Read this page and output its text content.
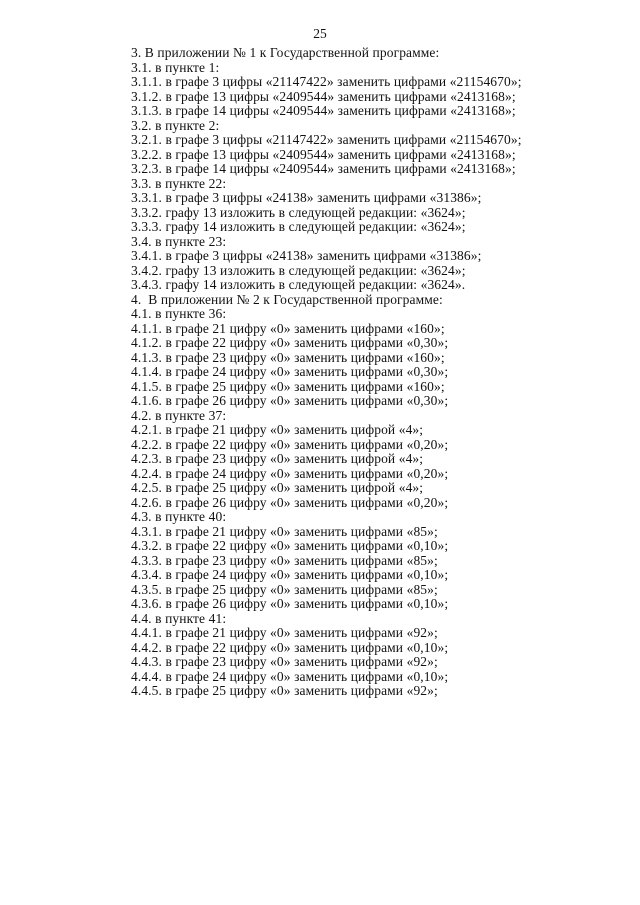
25
3. В приложении № 1 к Государственной программе:
3.1. в пункте 1:
3.1.1. в графе 3 цифры «21147422» заменить цифрами «21154670»;
3.1.2. в графе 13 цифры «2409544» заменить цифрами «2413168»;
3.1.3. в графе 14 цифры «2409544» заменить цифрами «2413168»;
3.2. в пункте 2:
3.2.1. в графе 3 цифры «21147422» заменить цифрами «21154670»;
3.2.2. в графе 13 цифры «2409544» заменить цифрами «2413168»;
3.2.3. в графе 14 цифры «2409544» заменить цифрами «2413168»;
3.3. в пункте 22:
3.3.1. в графе 3 цифры «24138» заменить цифрами «31386»;
3.3.2. графу 13 изложить в следующей редакции: «3624»;
3.3.3. графу 14 изложить в следующей редакции: «3624»;
3.4. в пункте 23:
3.4.1. в графе 3 цифры «24138» заменить цифрами «31386»;
3.4.2. графу 13 изложить в следующей редакции: «3624»;
3.4.3. графу 14 изложить в следующей редакции: «3624».
4.  В приложении № 2 к Государственной программе:
4.1. в пункте 36:
4.1.1. в графе 21 цифру «0» заменить цифрами «160»;
4.1.2. в графе 22 цифру «0» заменить цифрами «0,30»;
4.1.3. в графе 23 цифру «0» заменить цифрами «160»;
4.1.4. в графе 24 цифру «0» заменить цифрами «0,30»;
4.1.5. в графе 25 цифру «0» заменить цифрами «160»;
4.1.6. в графе 26 цифру «0» заменить цифрами «0,30»;
4.2. в пункте 37:
4.2.1. в графе 21 цифру «0» заменить цифрой «4»;
4.2.2. в графе 22 цифру «0» заменить цифрами «0,20»;
4.2.3. в графе 23 цифру «0» заменить цифрой «4»;
4.2.4. в графе 24 цифру «0» заменить цифрами «0,20»;
4.2.5. в графе 25 цифру «0» заменить цифрой «4»;
4.2.6. в графе 26 цифру «0» заменить цифрами «0,20»;
4.3. в пункте 40:
4.3.1. в графе 21 цифру «0» заменить цифрами «85»;
4.3.2. в графе 22 цифру «0» заменить цифрами «0,10»;
4.3.3. в графе 23 цифру «0» заменить цифрами «85»;
4.3.4. в графе 24 цифру «0» заменить цифрами «0,10»;
4.3.5. в графе 25 цифру «0» заменить цифрами «85»;
4.3.6. в графе 26 цифру «0» заменить цифрами «0,10»;
4.4. в пункте 41:
4.4.1. в графе 21 цифру «0» заменить цифрами «92»;
4.4.2. в графе 22 цифру «0» заменить цифрами «0,10»;
4.4.3. в графе 23 цифру «0» заменить цифрами «92»;
4.4.4. в графе 24 цифру «0» заменить цифрами «0,10»;
4.4.5. в графе 25 цифру «0» заменить цифрами «92»;
